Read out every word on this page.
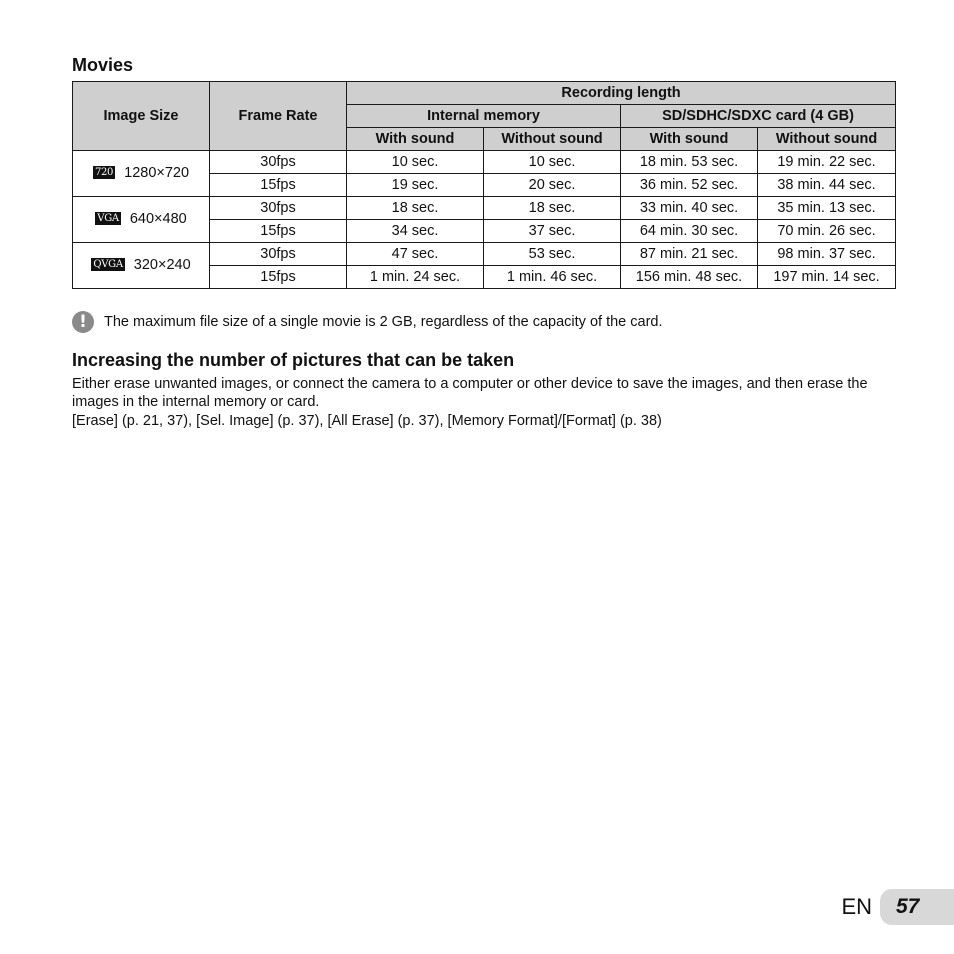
Movies
Image Size	Frame Rate	Recording length			
		Internal memory		SD/SDHC/SDXC card (4 GB)	
		With sound	Without sound	With sound	Without sound
720 1280×720	30fps	10 sec.	10 sec.	18 min. 53 sec.	19 min. 22 sec.
	15fps	19 sec.	20 sec.	36 min. 52 sec.	38 min. 44 sec.
VGA 640×480	30fps	18 sec.	18 sec.	33 min. 40 sec.	35 min. 13 sec.
	15fps	34 sec.	37 sec.	64 min. 30 sec.	70 min. 26 sec.
QVGA 320×240	30fps	47 sec.	53 sec.	87 min. 21 sec.	98 min. 37 sec.
	15fps	1 min. 24 sec.	1 min. 46 sec.	156 min. 48 sec.	197 min. 14 sec.
!	The maximum file size of a single movie is 2 GB, regardless of the capacity of the card.
Increasing the number of pictures that can be taken

Either erase unwanted images, or connect the camera to a computer or other device to save the images, and then erase the images in the internal memory or card.

[Erase] (p. 21, 37), [Sel. Image] (p. 37), [All Erase] (p. 37), [Memory Format]/[Format] (p. 38)

EN	57
